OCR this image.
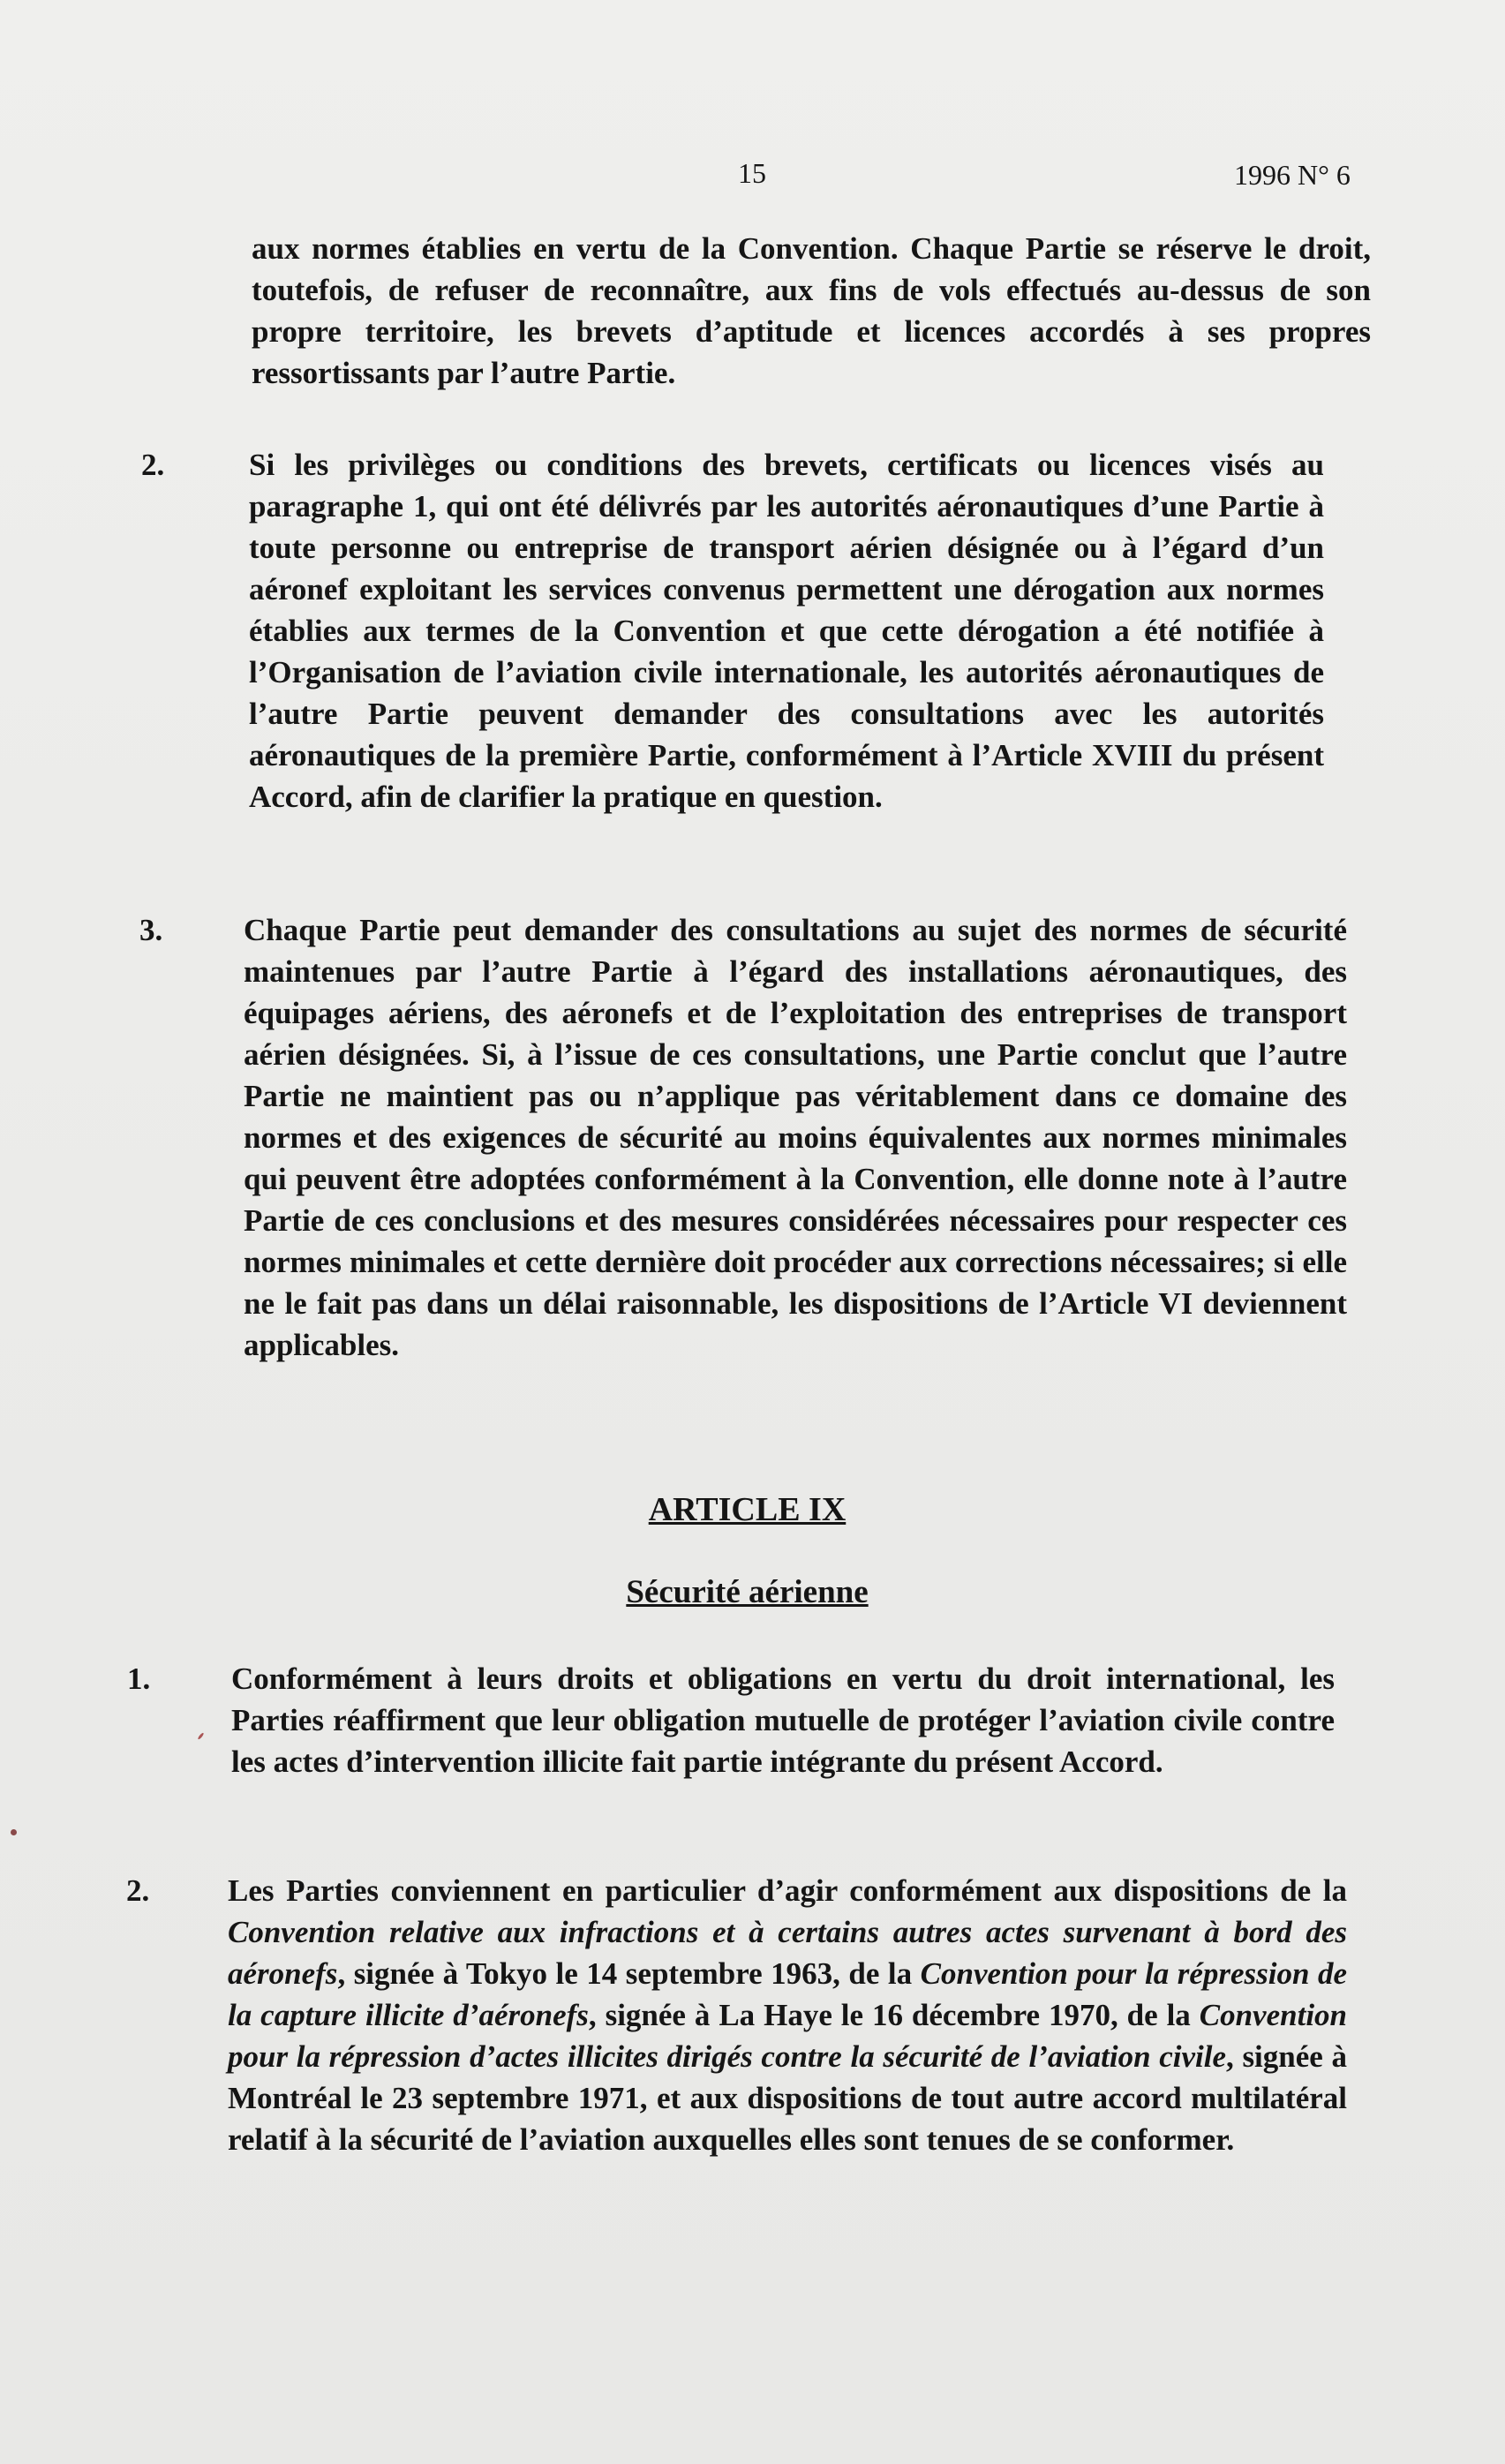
15	1996 N° 6
aux normes établies en vertu de la Convention. Chaque Partie se réserve le droit, toutefois, de refuser de reconnaître, aux fins de vols effectués au-dessus de son propre territoire, les brevets d’aptitude et licences accordés à ses propres ressortissants par l’autre Partie.
2.	Si les privilèges ou conditions des brevets, certificats ou licences visés au paragraphe 1, qui ont été délivrés par les autorités aéronautiques d’une Partie à toute personne ou entreprise de transport aérien désignée ou à l’égard d’un aéronef exploitant les services convenus permettent une dérogation aux normes établies aux termes de la Convention et que cette dérogation a été notifiée à l’Organisation de l’aviation civile internationale, les autorités aéronautiques de l’autre Partie peuvent demander des consultations avec les autorités aéronautiques de la première Partie, conformément à l’Article XVIII du présent Accord, afin de clarifier la pratique en question.
3.	Chaque Partie peut demander des consultations au sujet des normes de sécurité maintenues par l’autre Partie à l’égard des installations aéronautiques, des équipages aériens, des aéronefs et de l’exploitation des entreprises de transport aérien désignées. Si, à l’issue de ces consultations, une Partie conclut que l’autre Partie ne maintient pas ou n’applique pas véritablement dans ce domaine des normes et des exigences de sécurité au moins équivalentes aux normes minimales qui peuvent être adoptées conformément à la Convention, elle donne note à l’autre Partie de ces conclusions et des mesures considérées nécessaires pour respecter ces normes minimales et cette dernière doit procéder aux corrections nécessaires; si elle ne le fait pas dans un délai raisonnable, les dispositions de l’Article VI deviennent applicables.
ARTICLE IX
Sécurité aérienne
1.	Conformément à leurs droits et obligations en vertu du droit international, les Parties réaffirment que leur obligation mutuelle de protéger l’aviation civile contre les actes d’intervention illicite fait partie intégrante du présent Accord.
2.	Les Parties conviennent en particulier d’agir conformément aux dispositions de la Convention relative aux infractions et à certains autres actes survenant à bord des aéronefs, signée à Tokyo le 14 septembre 1963, de la Convention pour la répression de la capture illicite d’aéronefs, signée à La Haye le 16 décembre 1970, de la Convention pour la répression d’actes illicites dirigés contre la sécurité de l’aviation civile, signée à Montréal le 23 septembre 1971, et aux dispositions de tout autre accord multilatéral relatif à la sécurité de l’aviation auxquelles elles sont tenues de se conformer.
